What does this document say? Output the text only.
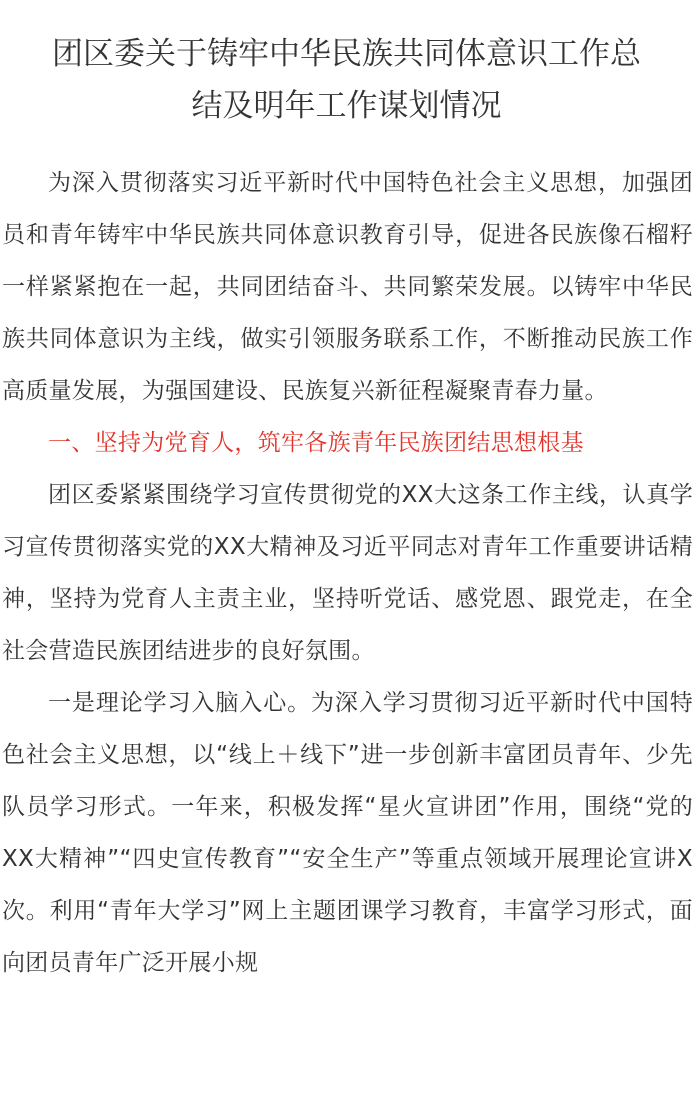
团区委关于铸牢中华民族共同体意识工作总
结及明年工作谋划情况

为深入贯彻落实习近平新时代中国特色社会主义思想，加强团员和青年铸牢中华民族共同体意识教育引导，促进各民族像石榴籽一样紧紧抱在一起，共同团结奋斗、共同繁荣发展。以铸牢中华民族共同体意识为主线，做实引领服务联系工作，不断推动民族工作高质量发展，为强国建设、民族复兴新征程凝聚青春力量。

一、坚持为党育人，筑牢各族青年民族团结思想根基

团区委紧紧围绕学习宣传贯彻党的XX大这条工作主线，认真学习宣传贯彻落实党的XX大精神及习近平同志对青年工作重要讲话精神，坚持为党育人主责主业，坚持听党话、感党恩、跟党走，在全社会营造民族团结进步的良好氛围。

一是理论学习入脑入心。为深入学习贯彻习近平新时代中国特色社会主义思想，以“线上＋线下”进一步创新丰富团员青年、少先队员学习形式。一年来，积极发挥“星火宣讲团”作用，围绕“党的XX大精神”“四史宣传教育”“安全生产”等重点领域开展理论宣讲X次。利用“青年大学习”网上主题团课学习教育，丰富学习形式，面向团员青年广泛开展小规
